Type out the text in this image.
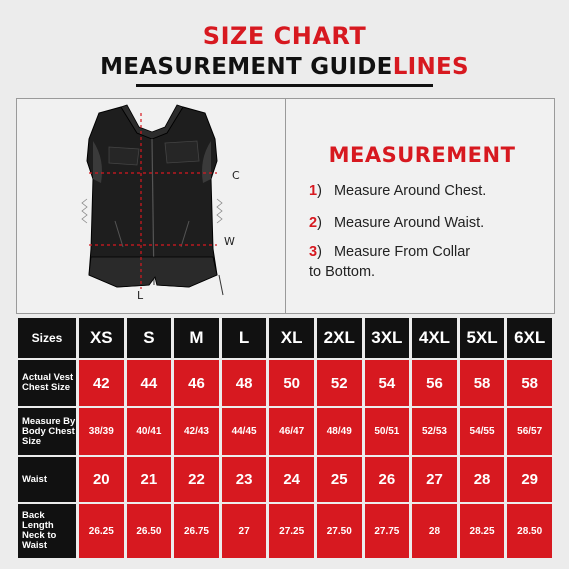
SIZE CHART
MEASUREMENT GUIDELINES
C
W
L
MEASUREMENT
1) Measure Around Chest.
2) Measure Around Waist.
3) Measure From Collar
to Bottom.
Sizes	XS	S	M	L	XL	2XL	3XL	4XL	5XL	6XL
Actual Vest Chest Size	42	44	46	48	50	52	54	56	58	58
Measure By Body Chest Size	38/39	40/41	42/43	44/45	46/47	48/49	50/51	52/53	54/55	56/57
Waist	20	21	22	23	24	25	26	27	28	29
Back Length Neck to Waist	26.25	26.50	26.75	27	27.25	27.50	27.75	28	28.25	28.50
